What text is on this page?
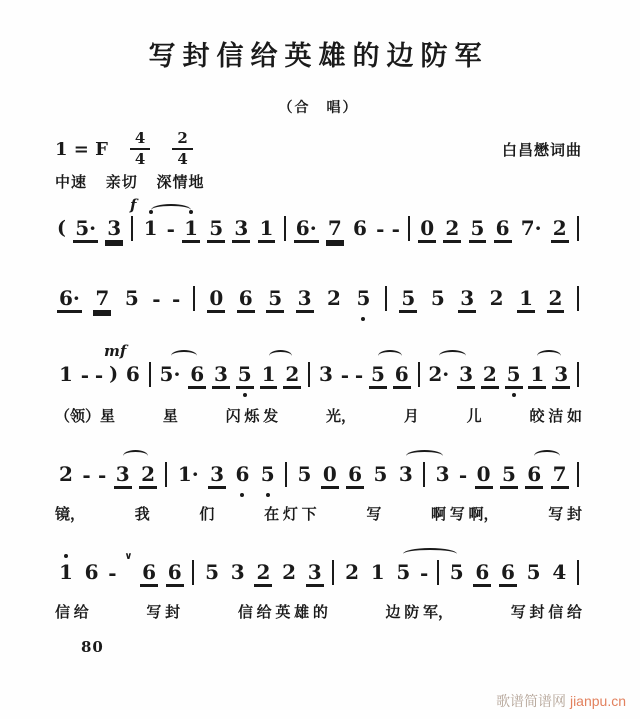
写封信给英雄的边防军
（合　唱）
1 = F $\frac{4}{4} \frac{2}{4}$	白昌懋词曲
中速 亲切 深情地
( 5· 3 1 - 1 5 3 1 6· 7 6 - - 0 2 5 6 7· 2
f
6· 7 5 - - 0 6 5 3 2 5 5 5 3 2 1 2
1 - - ) 6 5· 6 3 5 1 2 3 - - 5 6 2· 3 2 5 1 3
mf
（领）星	星	闪 烁 发	光，	月	儿	皎 洁 如
2 - - 3 2 1· 3 6 5 5 0 6 5 3 3 - 0 5 6 7
镜，	我	们	在 灯 下	写	啊 写 啊，	写 封
1 6 -
∨
6 6 5 3 2 2 3 2 1 5 - 5 6 6 5 4
信 给	写 封	信 给 英 雄 的	边 防 军，	写 封 信 给
80
歌谱简谱网 jianpu.cn
